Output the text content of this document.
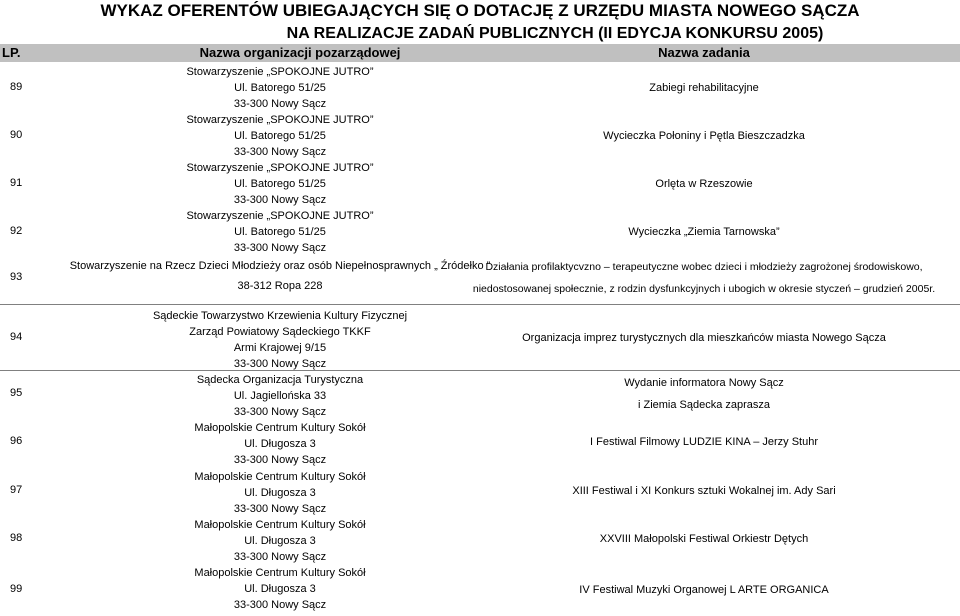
WYKAZ OFERENTÓW UBIEGAJĄCYCH SIĘ O DOTACJĘ Z URZĘDU MIASTA NOWEGO SĄCZA
NA REALIZACJE ZADAŃ PUBLICZNYCH (II EDYCJA KONKURSU 2005)
LP.	Nazwa organizacji pozarządowej	Nazwa zadania
89
Stowarzyszenie „SPOKOJNE JUTRO”
Ul. Batorego 51/25
33-300 Nowy Sącz
Zabiegi rehabilitacyjne
90
Stowarzyszenie „SPOKOJNE JUTRO”
Ul. Batorego 51/25
33-300 Nowy Sącz
Wycieczka Połoniny i Pętla Bieszczadzka
91
Stowarzyszenie „SPOKOJNE JUTRO”
Ul. Batorego 51/25
33-300 Nowy Sącz
Orlęta w Rzeszowie
92
Stowarzyszenie „SPOKOJNE JUTRO”
Ul. Batorego 51/25
33-300 Nowy Sącz
Wycieczka „Ziemia Tarnowska”
93
Stowarzyszenie na Rzecz Dzieci Młodzieży oraz osób Niepełnosprawnych „ Źródełko ”
38-312 Ropa 228
Działania profilaktycvzno – terapeutyczne wobec dzieci i młodzieży zagrożonej środowiskowo,
niedostosowanej społecznie, z rodzin dysfunkcyjnych i ubogich w okresie styczeń – grudzień 2005r.
94
Sądeckie Towarzystwo Krzewienia Kultury Fizycznej
Zarząd Powiatowy Sądeckiego TKKF
Armi Krajowej 9/15
33-300 Nowy Sącz
Organizacja imprez turystycznych dla mieszkańców miasta Nowego Sącza
95
Sądecka Organizacja Turystyczna
Ul. Jagiellońska 33
33-300 Nowy Sącz
Wydanie informatora Nowy Sącz
i Ziemia Sądecka zaprasza
96
Małopolskie Centrum Kultury Sokół
Ul. Długosza 3
33-300 Nowy Sącz
I Festiwal Filmowy LUDZIE KINA – Jerzy Stuhr
97
Małopolskie Centrum Kultury Sokół
Ul. Długosza 3
33-300 Nowy Sącz
XIII Festiwal i XI Konkurs sztuki Wokalnej im. Ady Sari
98
Małopolskie Centrum Kultury Sokół
Ul. Długosza 3
33-300 Nowy Sącz
XXVIII Małopolski Festiwal Orkiestr Dętych
99
Małopolskie Centrum Kultury Sokół
Ul. Długosza 3
33-300 Nowy Sącz
IV Festiwal Muzyki Organowej L ARTE ORGANICA
